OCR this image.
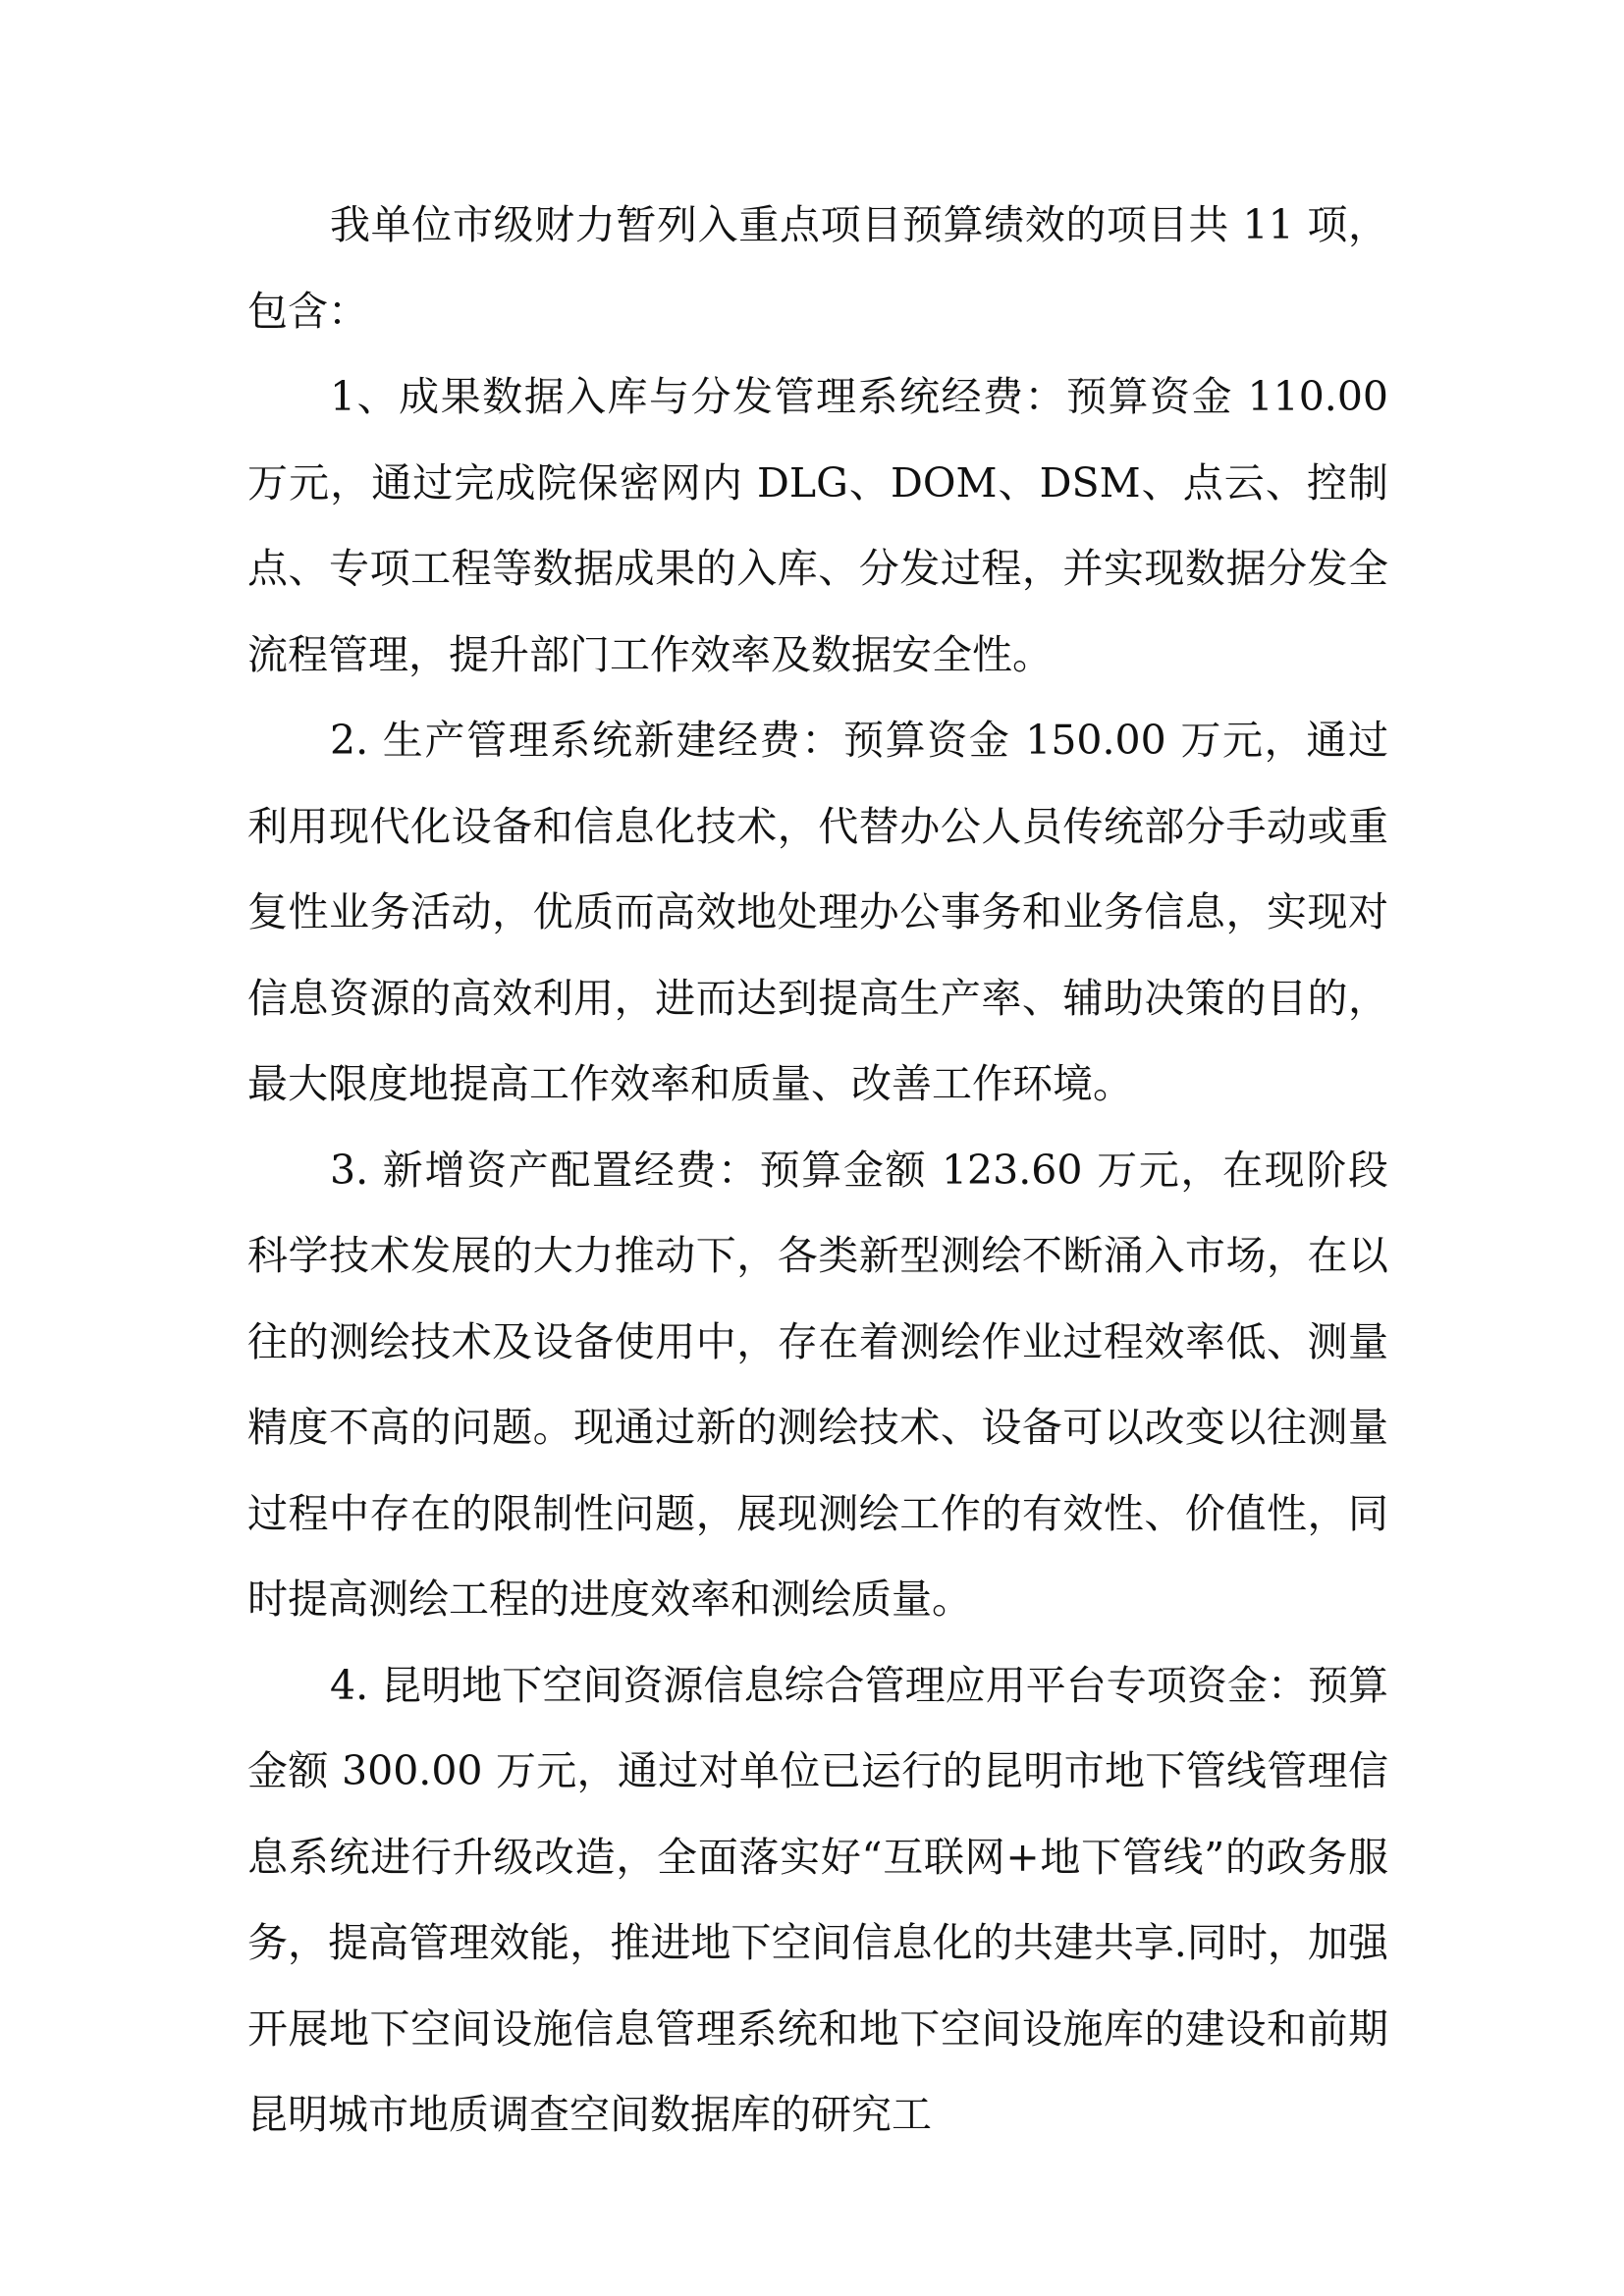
我单位市级财力暂列入重点项目预算绩效的项目共 11 项，包含：

1、成果数据入库与分发管理系统经费：预算资金 110.00 万元，通过完成院保密网内 DLG、DOM、DSM、点云、控制点、专项工程等数据成果的入库、分发过程，并实现数据分发全流程管理，提升部门工作效率及数据安全性。

2. 生产管理系统新建经费：预算资金 150.00 万元，通过利用现代化设备和信息化技术，代替办公人员传统部分手动或重复性业务活动，优质而高效地处理办公事务和业务信息，实现对信息资源的高效利用，进而达到提高生产率、辅助决策的目的，最大限度地提高工作效率和质量、改善工作环境。

3. 新增资产配置经费：预算金额 123.60 万元，在现阶段科学技术发展的大力推动下，各类新型测绘不断涌入市场，在以往的测绘技术及设备使用中，存在着测绘作业过程效率低、测量精度不高的问题。现通过新的测绘技术、设备可以改变以往测量过程中存在的限制性问题，展现测绘工作的有效性、价值性，同时提高测绘工程的进度效率和测绘质量。

4. 昆明地下空间资源信息综合管理应用平台专项资金：预算金额 300.00 万元，通过对单位已运行的昆明市地下管线管理信息系统进行升级改造，全面落实好“互联网+地下管线”的政务服务，提高管理效能，推进地下空间信息化的共建共享.同时，加强开展地下空间设施信息管理系统和地下空间设施库的建设和前期昆明城市地质调查空间数据库的研究工
